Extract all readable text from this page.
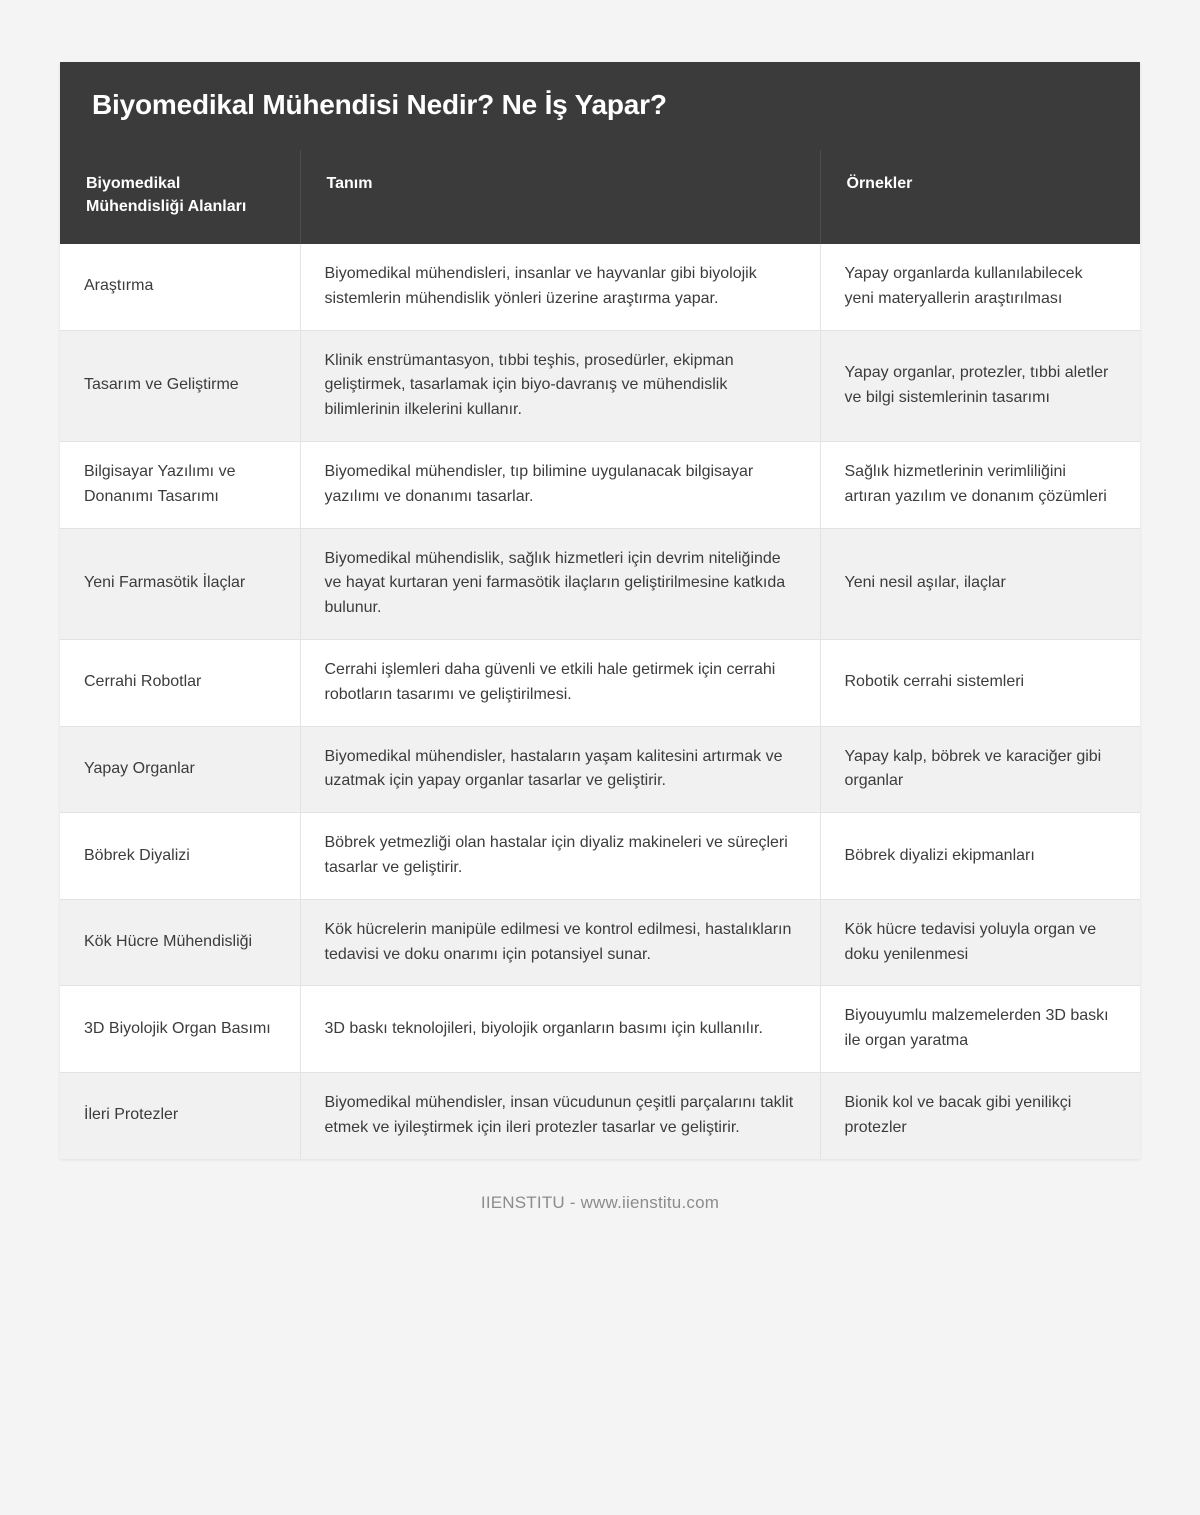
Biyomedikal Mühendisi Nedir? Ne İş Yapar?
Biyomedikal Mühendisliği Alanları	Tanım	Örnekler
Araştırma	Biyomedikal mühendisleri, insanlar ve hayvanlar gibi biyolojik sistemlerin mühendislik yönleri üzerine araştırma yapar.	Yapay organlarda kullanılabilecek yeni materyallerin araştırılması
Tasarım ve Geliştirme	Klinik enstrümantasyon, tıbbi teşhis, prosedürler, ekipman geliştirmek, tasarlamak için biyo-davranış ve mühendislik bilimlerinin ilkelerini kullanır.	Yapay organlar, protezler, tıbbi aletler ve bilgi sistemlerinin tasarımı
Bilgisayar Yazılımı ve Donanımı Tasarımı	Biyomedikal mühendisler, tıp bilimine uygulanacak bilgisayar yazılımı ve donanımı tasarlar.	Sağlık hizmetlerinin verimliliğini artıran yazılım ve donanım çözümleri
Yeni Farmasötik İlaçlar	Biyomedikal mühendislik, sağlık hizmetleri için devrim niteliğinde ve hayat kurtaran yeni farmasötik ilaçların geliştirilmesine katkıda bulunur.	Yeni nesil aşılar, ilaçlar
Cerrahi Robotlar	Cerrahi işlemleri daha güvenli ve etkili hale getirmek için cerrahi robotların tasarımı ve geliştirilmesi.	Robotik cerrahi sistemleri
Yapay Organlar	Biyomedikal mühendisler, hastaların yaşam kalitesini artırmak ve uzatmak için yapay organlar tasarlar ve geliştirir.	Yapay kalp, böbrek ve karaciğer gibi organlar
Böbrek Diyalizi	Böbrek yetmezliği olan hastalar için diyaliz makineleri ve süreçleri tasarlar ve geliştirir.	Böbrek diyalizi ekipmanları
Kök Hücre Mühendisliği	Kök hücrelerin manipüle edilmesi ve kontrol edilmesi, hastalıkların tedavisi ve doku onarımı için potansiyel sunar.	Kök hücre tedavisi yoluyla organ ve doku yenilenmesi
3D Biyolojik Organ Basımı	3D baskı teknolojileri, biyolojik organların basımı için kullanılır.	Biyouyumlu malzemelerden 3D baskı ile organ yaratma
İleri Protezler	Biyomedikal mühendisler, insan vücudunun çeşitli parçalarını taklit etmek ve iyileştirmek için ileri protezler tasarlar ve geliştirir.	Bionik kol ve bacak gibi yenilikçi protezler
IIENSTITU - www.iienstitu.com
